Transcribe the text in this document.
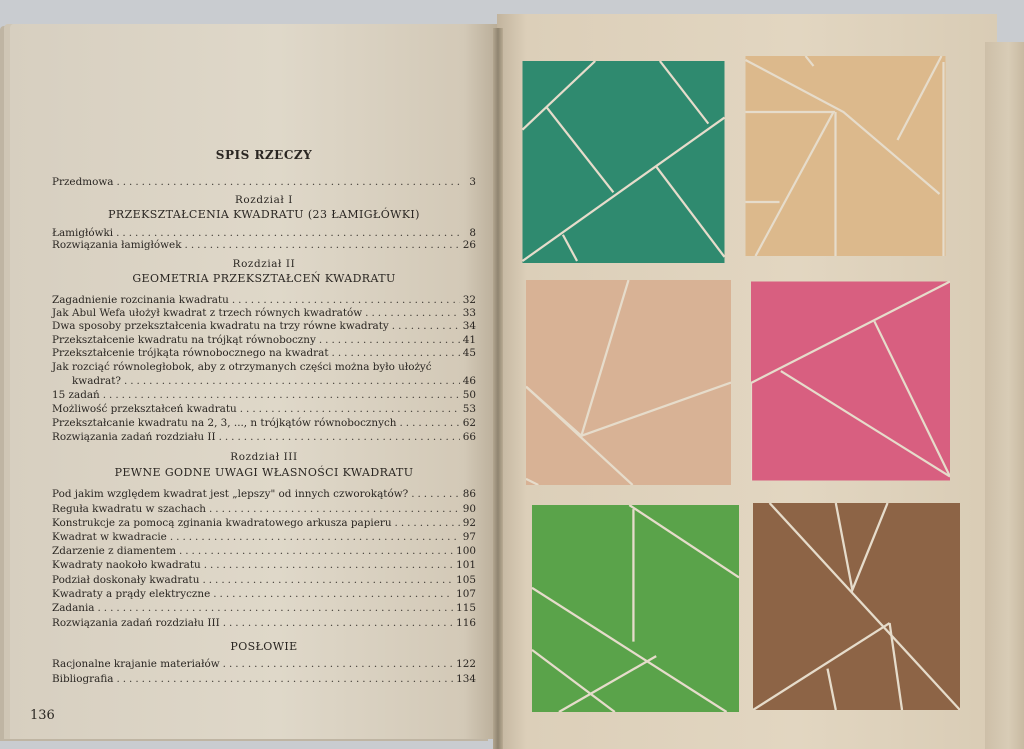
SPIS RZECZY
Przedmowa .....	3
Rozdział I
PRZEKSZTAŁCENIA KWADRATU (23 ŁAMIGŁÓWKI)
Łamigłówki .....	8
Rozwiązania łamigłówek .....	26
Rozdział II
GEOMETRIA PRZEKSZTAŁCEŃ KWADRATU
Zagadnienie rozcinania kwadratu .....	32
Jak Abul Wefa ułożył kwadrat z trzech równych kwadratów .....	33
Dwa sposoby przekształcenia kwadratu na trzy równe kwadraty .....	34
Przekształcenie kwadratu na trójkąt równoboczny .....	41
Przekształcenie trójkąta równobocznego na kwadrat .....	45
Jak rozciąć równoległobok, aby z otrzymanych części można było ułożyć
kwadrat? .....	46
15 zadań .....	50
Możliwość przekształceń kwadratu .....	53
Przekształcanie kwadratu na 2, 3, ..., n trójkątów równobocznych .....	62
Rozwiązania zadań rozdziału II .....	66
Rozdział III
PEWNE GODNE UWAGI WŁASNOŚCI KWADRATU
Pod jakim względem kwadrat jest „lepszy" od innych czworokątów? .....	86
Reguła kwadratu w szachach .....	90
Konstrukcje za pomocą zginania kwadratowego arkusza papieru .....	92
Kwadrat w kwadracie .....	97
Zdarzenie z diamentem .....	100
Kwadraty naokoło kwadratu .....	101
Podział doskonały kwadratu .....	105
Kwadraty a prądy elektryczne .....	107
Zadania .....	115
Rozwiązania zadań rozdziału III .....	116
POSŁOWIE
Racjonalne krajanie materiałów .....	122
Bibliografia .....	134
136
